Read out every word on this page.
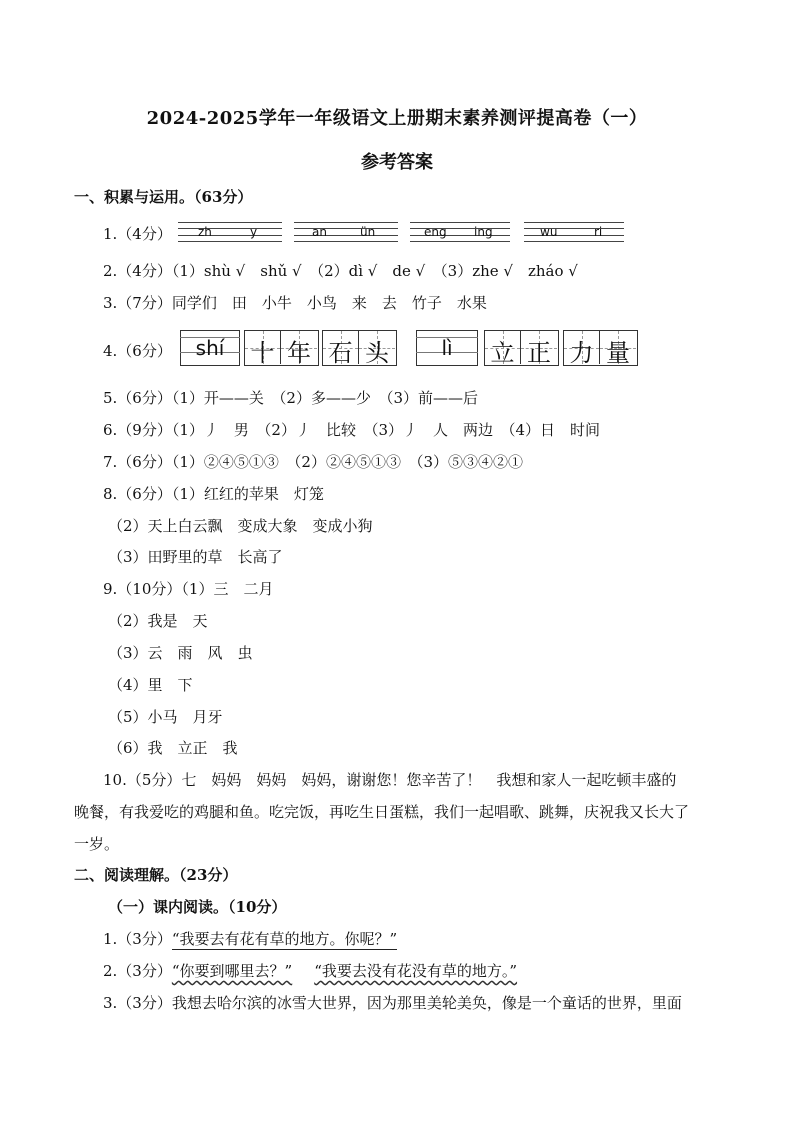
2024-2025学年一年级语文上册期末素养测评提高卷（一）
参考答案
一、积累与运用。（63分）
1.（4分） zh	y	an	ün	eng ing	wu	ri
2.（4分）（1）shù √　shǔ √　（2）dì √　de √　（3）zhe √　zháo √
3.（7分）同学们　田　小牛　小鸟　来　去　竹子　水果
4.（6分）	shí	十 年 石 头	lì	立 正 力 量
5.（6分）（1）开——关　（2）多——少　（3）前——后
6.（9分）（1）丿　男　（2）丿　比较　（3）丿　人　两边　（4）日　时间
7.（6分）（1）②④⑤①③　（2）②④⑤①③　（3）⑤③④②①
8.（6分）（1）红红的苹果　灯笼
（2）天上白云飘　变成大象　变成小狗
（3）田野里的草　长高了
9.（10分）（1）三　二月
（2）我是　天
（3）云　雨　风　虫
（4）里　下
（5）小马　月牙
（6）我　立正　我
10.（5分）七　妈妈　妈妈　妈妈，谢谢您！您辛苦了！　我想和家人一起吃顿丰盛的
晚餐，有我爱吃的鸡腿和鱼。吃完饭，再吃生日蛋糕，我们一起唱歌、跳舞，庆祝我又长大了
一岁。
二、阅读理解。（23分）
（一）课内阅读。（10分）
1.（3分）“我要去有花有草的地方。你呢？”
2.（3分）“你要到哪里去？” “我要去没有花没有草的地方。”
3.（3分）我想去哈尔滨的冰雪大世界，因为那里美轮美奂，像是一个童话的世界，里面
